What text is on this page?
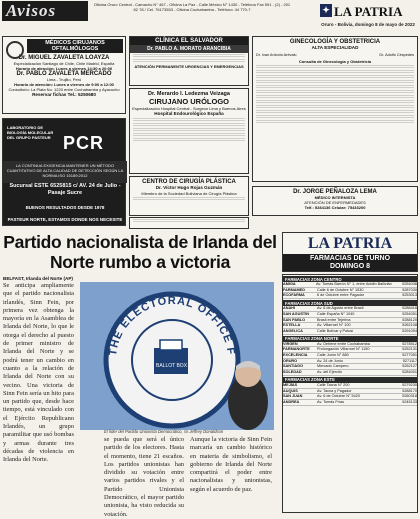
Avisos	Oficina Oruro Central - Camacho N° 467 - Oficina La Paz - Calle México N° 1430 - Teléfono Fax 591 - (2) - 201 82 78 / Cel. 76173553 - Oficina Cochabamba - Teléfono: 44 770-7	✦ LA PATRIA
Oruro - Bolivia, domingo 8 de mayo de 2022
MÉDICOS CIRUJANOS OFTALMÓLOGOS
Dr. MIGUEL ZAVALETA LOAYZA
Especialización Santiago de Chile, Chile Madrid, España
Horario de atención: Lunes a viernes 14:30 a 20:00
Dr. PABLO ZAVALETA MERCADO
Lima - Trujillo, Perú
Horario de atención: Lunes a viernes de 9:00 a 12:00
Consultorio: La Plata No. 1220 entre Cochabamba y Ayacucho
Reservar fichas Tel.: 5250680
LABORATORIO DE BIOLOGÍA MOLECULAR DEL GRUPO PASTEUR PCR
LA CONTINUA EXIGENCIA MANTENER UN MÉTODO CUANTITATIVO DE ALTA CALIDAD DE DETECCIÓN SEGÚN LA NORMA ISO 15189:2012
Sucursal ESTE 6525815 c/ AV. 24 de Julio - Pasaje Sucre
BUENOS RESULTADOS DESDE 1978
PASTEUR NORTE, ESTAMOS DONDE NOS NECESITE
CLÍNICA EL SALVADOR
Dr. PABLO A. MORATO ARANCIBIA
ATENCIÓN PERMANENTE URGENCIAS Y EMERGENCIAS
Dr. Merardo I. Ledezma Veizaga
CIRUJANO URÓLOGO
Especialización Hospital Central - Surgeon Lima y Buenos Aires
Hospital Endourológico España
CENTRO DE CIRUGÍA PLÁSTICA
Dr. Víctor Hugo Rojas Guzmán
Miembro de la Sociedad Boliviana de Cirugía Plástica
GINECOLOGÍA Y OBSTETRICIA
ALTA ESPECIALIDAD
Dr. Ivan Antonio Arévalo	Dr. Adolfo Céspedes
Consulta de Ginecología y Obstetricia
Dr. JORGE PEÑALOZA LEMA
MÉDICO INTERNISTA
ATENCIÓN DE ENFERMEDADES
Telf.: 5284136 Celular: 75433200
Partido nacionalista de Irlanda del Norte rumbo a victoria
BELFAST, Irlanda del Norte (AP)
Se anticipa ampliamente que el partido nacionalista irlandés, Sinn Fein, por primera vez obtenga la mayoría en la Asamblea de Irlanda del Norte, lo que le otorga el derecho al puesto de primer ministro de Irlanda del Norte y se podrá tener un cambio en cuanto a la relación de Irlanda del Norte con su vecino. Una victoria de Sinn Fein sería un hito para un partido que, desde hace tiempo, está vinculado con el Ejército Republicano Irlandés, un grupo paramilitar que usó bombas y armas durante tres décadas de violencia en Irlanda del Norte.
BALLOT BOX
THE ELECTORAL OFFICE F
El líder del Partido Unionista Democrático, sir Jeffrey Donaldson
se pueda que será el único partido de los electores. Hasta el momento, tiene 21 escaños. Los partidos unionistas han dividido su votación entre varios partidos rivales y el Partido Unionista Democrático, el mayor partido unionista, ha visto reducida su votación.
Aunque la victoria de Sinn Fein marcaría un cambio histórico en materia de simbolismo, el gobierno de Irlanda del Norte compartirá el poder entre nacionalistas y unionistas, según el acuerdo de paz.
LA PATRIA
FARMACIAS DE TURNO
DOMINGO 8
FARMACIAS ZONA CENTRO
AMIGA	Av. Tomás Barrón N° 1, entre Adolfo Ballivián	5254036
FARMAMED	Calle 6 de Octubre N° 1530	5287030
ECOFARMA	6 de Octubre entre Pagador	5253013
FARMACIAS ZONA SUD
ANAHI	Av. 6 de Agosto entre Brasil	5288416
SAN AGUSTIN	Calle España N° 1040	5254051
SAN PABLO	Brasil entre Tejerina	5288120
ESTELLA	Av. Villarroel N° 100	5262108
ANGELICA	Calle Bolívar y Potosí	5291094
FARMACIAS ZONA NORTE
VIRGEN	Av. Dehene entre Cochabamba	5278512
FARMANORTE	Prolongación Villarroel N° 1150	5252131
EXCELENCIA	Calle Junín N° 880	5277051
ORURO	Av. 24 de Junio	5271117
SANTIAGO	Mercado Campero	5252127
SOLEDAD	Av. del Ejército	5284001
FARMACIAS ZONA ESTE
MEJÍAS	Calle Tacna N° 200	5279230
AUQUIS	Av. Tacna y Pagador	5288170
SAN JUAN	Av. 6 de Octubre N° 5420	5260318
ANDREA	Av. Tomás Frías	5245133
